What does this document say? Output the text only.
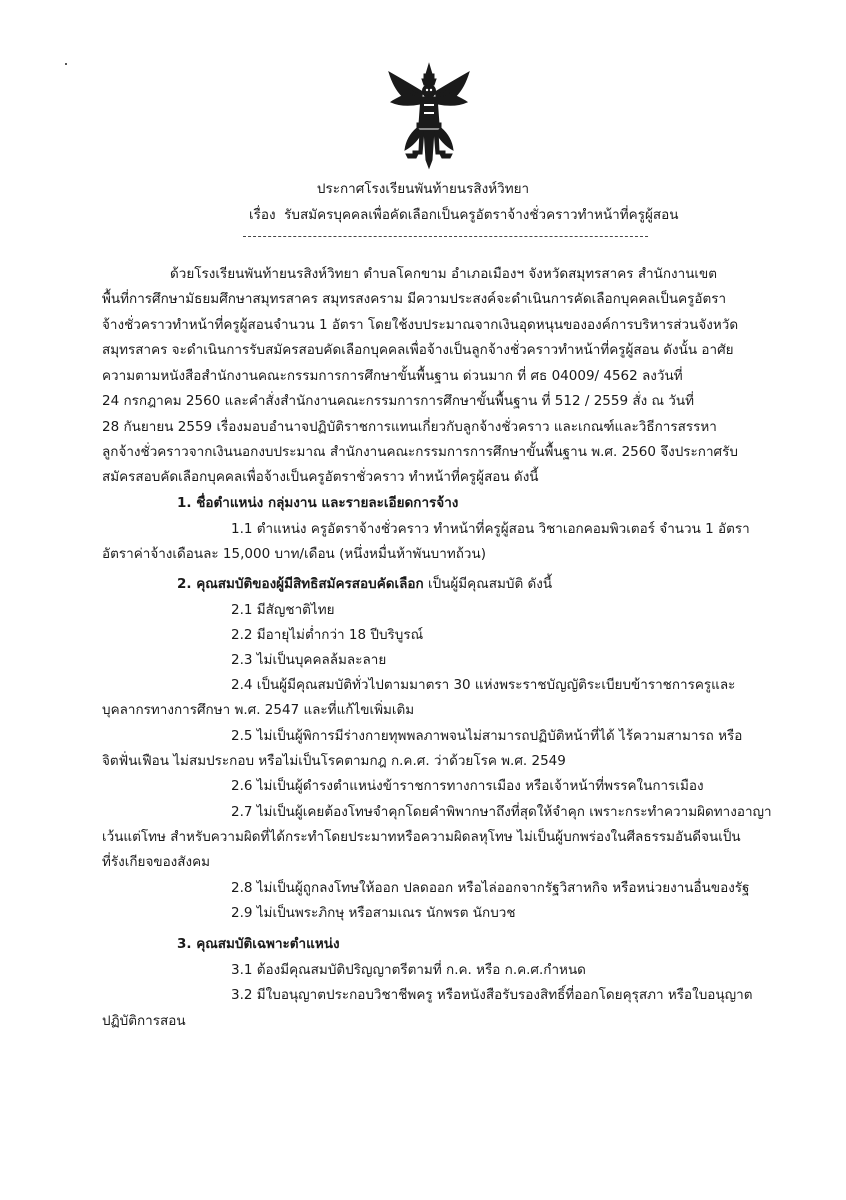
ประกาศโรงเรียนพันท้ายนรสิงห์วิทยา
เรื่อง รับสมัครบุคคลเพื่อคัดเลือกเป็นครูอัตราจ้างชั่วคราวทำหน้าที่ครูผู้สอน
ด้วยโรงเรียนพันท้ายนรสิงห์วิทยา ตำบลโคกขาม อำเภอเมืองฯ จังหวัดสมุทรสาคร สำนักงานเขต
พื้นที่การศึกษามัธยมศึกษาสมุทรสาคร สมุทรสงคราม มีความประสงค์จะดำเนินการคัดเลือกบุคคลเป็นครูอัตรา
จ้างชั่วคราวทำหน้าที่ครูผู้สอนจำนวน 1 อัตรา โดยใช้งบประมาณจากเงินอุดหนุนขององค์การบริหารส่วนจังหวัด
สมุทรสาคร จะดำเนินการรับสมัครสอบคัดเลือกบุคคลเพื่อจ้างเป็นลูกจ้างชั่วคราวทำหน้าที่ครูผู้สอน ดังนั้น อาศัย
ความตามหนังสือสำนักงานคณะกรรมการการศึกษาขั้นพื้นฐาน ด่วนมาก ที่ ศธ 04009/ 4562 ลงวันที่
24 กรกฎาคม 2560 และคำสั่งสำนักงานคณะกรรมการการศึกษาขั้นพื้นฐาน ที่ 512 / 2559 สั่ง ณ วันที่
28 กันยายน 2559 เรื่องมอบอำนาจปฏิบัติราชการแทนเกี่ยวกับลูกจ้างชั่วคราว และเกณฑ์และวิธีการสรรหา
ลูกจ้างชั่วคราวจากเงินนอกงบประมาณ สำนักงานคณะกรรมการการศึกษาขั้นพื้นฐาน พ.ศ. 2560 จึงประกาศรับ
สมัครสอบคัดเลือกบุคคลเพื่อจ้างเป็นครูอัตราชั่วคราว ทำหน้าที่ครูผู้สอน ดังนี้
1. ชื่อตำแหน่ง กลุ่มงาน และรายละเอียดการจ้าง
1.1 ตำแหน่ง ครูอัตราจ้างชั่วคราว ทำหน้าที่ครูผู้สอน วิชาเอกคอมพิวเตอร์ จำนวน 1 อัตรา
อัตราค่าจ้างเดือนละ 15,000 บาท/เดือน (หนึ่งหมื่นห้าพันบาทถ้วน)
2. คุณสมบัติของผู้มีสิทธิสมัครสอบคัดเลือก เป็นผู้มีคุณสมบัติ ดังนี้
2.1 มีสัญชาติไทย
2.2 มีอายุไม่ต่ำกว่า 18 ปีบริบูรณ์
2.3 ไม่เป็นบุคคลล้มละลาย
2.4 เป็นผู้มีคุณสมบัติทั่วไปตามมาตรา 30 แห่งพระราชบัญญัติระเบียบข้าราชการครูและ
บุคลากรทางการศึกษา พ.ศ. 2547 และที่แก้ไขเพิ่มเติม
2.5 ไม่เป็นผู้พิการมีร่างกายทุพพลภาพจนไม่สามารถปฏิบัติหน้าที่ได้ ไร้ความสามารถ หรือ
จิตฟั่นเฟือน ไม่สมประกอบ หรือไม่เป็นโรคตามกฎ ก.ค.ศ. ว่าด้วยโรค พ.ศ. 2549
2.6 ไม่เป็นผู้ดำรงตำแหน่งข้าราชการทางการเมือง หรือเจ้าหน้าที่พรรคในการเมือง
2.7 ไม่เป็นผู้เคยต้องโทษจำคุกโดยคำพิพากษาถึงที่สุดให้จำคุก เพราะกระทำความผิดทางอาญา
เว้นแต่โทษ สำหรับความผิดที่ได้กระทำโดยประมาทหรือความผิดลหุโทษ ไม่เป็นผู้บกพร่องในศีลธรรมอันดีจนเป็น
ที่รังเกียจของสังคม
2.8 ไม่เป็นผู้ถูกลงโทษให้ออก ปลดออก หรือไล่ออกจากรัฐวิสาหกิจ หรือหน่วยงานอื่นของรัฐ
2.9 ไม่เป็นพระภิกษุ หรือสามเณร นักพรต นักบวช
3. คุณสมบัติเฉพาะตำแหน่ง
3.1 ต้องมีคุณสมบัติปริญญาตรีตามที่ ก.ค. หรือ ก.ค.ศ.กำหนด
3.2 มีใบอนุญาตประกอบวิชาชีพครู หรือหนังสือรับรองสิทธิ์ที่ออกโดยคุรุสภา หรือใบอนุญาต
ปฏิบัติการสอน
